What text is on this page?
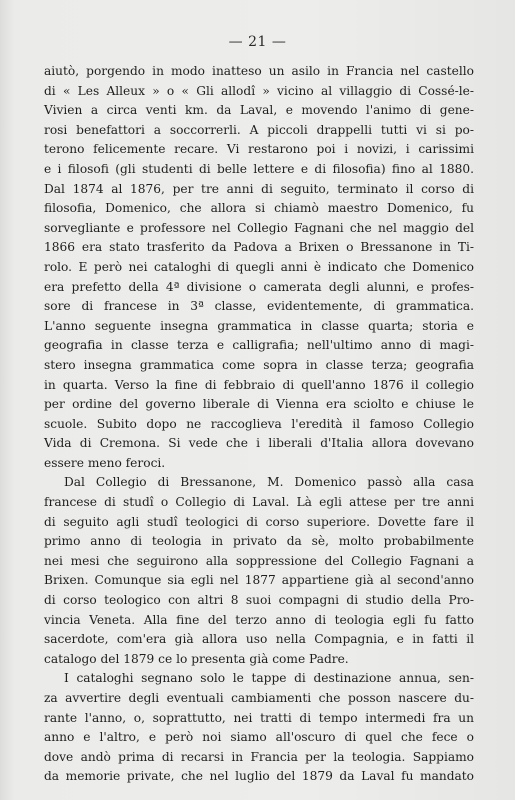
— 21 —
aiutò, porgendo in modo inatteso un asilo in Francia nel castello
di « Les Alleux » o « Gli allodî » vicino al villaggio di Cossé-le-
Vivien a circa venti km. da Laval, e movendo l'animo di gene-
rosi benefattori a soccorrerli. A piccoli drappelli tutti vi si po-
terono felicemente recare. Vi restarono poi i novizi, i carissimi
e i filosofi (gli studenti di belle lettere e di filosofia) fino al 1880.
Dal 1874 al 1876, per tre anni di seguito, terminato il corso di
filosofia, Domenico, che allora si chiamò maestro Domenico, fu
sorvegliante e professore nel Collegio Fagnani che nel maggio del
1866 era stato trasferito da Padova a Brixen o Bressanone in Ti-
rolo. E però nei cataloghi di quegli anni è indicato che Domenico
era prefetto della 4ª divisione o camerata degli alunni, e profes-
sore di francese in 3ª classe, evidentemente, di grammatica.
L'anno seguente insegna grammatica in classe quarta; storia e
geografia in classe terza e calligrafia; nell'ultimo anno di magi-
stero insegna grammatica come sopra in classe terza; geografia
in quarta. Verso la fine di febbraio di quell'anno 1876 il collegio
per ordine del governo liberale di Vienna era sciolto e chiuse le
scuole. Subito dopo ne raccoglieva l'eredità il famoso Collegio
Vida di Cremona. Si vede che i liberali d'Italia allora dovevano
essere meno feroci.
Dal Collegio di Bressanone, M. Domenico passò alla casa
francese di studî o Collegio di Laval. Là egli attese per tre anni
di seguito agli studî teologici di corso superiore. Dovette fare il
primo anno di teologia in privato da sè, molto probabilmente
nei mesi che seguirono alla soppressione del Collegio Fagnani a
Brixen. Comunque sia egli nel 1877 appartiene già al second'anno
di corso teologico con altri 8 suoi compagni di studio della Pro-
vincia Veneta. Alla fine del terzo anno di teologia egli fu fatto
sacerdote, com'era già allora uso nella Compagnia, e in fatti il
catalogo del 1879 ce lo presenta già come Padre.
I cataloghi segnano solo le tappe di destinazione annua, sen-
za avvertire degli eventuali cambiamenti che posson nascere du-
rante l'anno, o, soprattutto, nei tratti di tempo intermedi fra un
anno e l'altro, e però noi siamo all'oscuro di quel che fece o
dove andò prima di recarsi in Francia per la teologia. Sappiamo
da memorie private, che nel luglio del 1879 da Laval fu mandato
